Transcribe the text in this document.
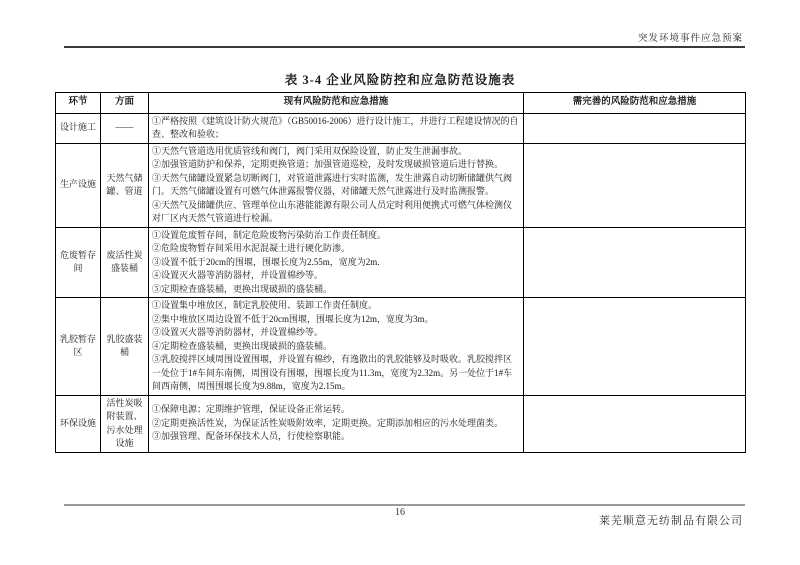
突发环境事件应急预案
表 3-4 企业风险防控和应急防范设施表
环节	方面	现有风险防范和应急措施	需完善的风险防范和应急措施
设计施工	——	①严格按照《建筑设计防火规范》（GB50016-2006）进行设计施工，并进行工程建设情况的自查、整改和验收；	

生产设施	天然气储罐、管道	①天然气管道选用优质管线和阀门，阀门采用双保险设置，防止发生泄漏事故。
②加强管道防护和保养，定期更换管道；加强管道巡检，及时发现破损管道后进行替换。
③天然气储罐设置紧急切断阀门，对管道泄露进行实时监测，发生泄露自动切断储罐供气阀门。天然气储罐设置有可燃气体泄露报警仪器，对储罐天然气泄露进行及时监测报警。
④天然气及储罐供应、管理单位山东港能能源有限公司人员定时利用便携式可燃气体检测仪对厂区内天然气管道进行检漏。	

危废暂存间	废活性炭盛装桶	①设置危废暂存间，制定危险废物污染防治工作责任制度。
②危险废物暂存间采用水泥混凝土进行硬化防渗。
③设置不低于20cm的围堰，围堰长度为2.55m，宽度为2m.
④设置灭火器等消防器材，并设置棉纱等。
⑤定期检查盛装桶，更换出现破损的盛装桶。	

乳胶暂存区	乳胶盛装桶	①设置集中堆放区，制定乳胶使用、装卸工作责任制度。
②集中堆放区周边设置不低于20cm围堰，围堰长度为12m，宽度为3m。
③设置灭火器等消防器材，并设置棉纱等。
④定期检查盛装桶，更换出现破损的盛装桶。
⑤乳胶搅拌区域周围设置围堰，并设置有棉纱，有逸散出的乳胶能够及时吸收。乳胶搅拌区一处位于1#车间东南侧，周围设有围堰，围堰长度为11.3m，宽度为2.32m。另一处位于1#车间西南侧，周围围堰长度为9.88m，宽度为2.15m。	

环保设施	活性炭吸附装置、污水处理设施	①保障电源；定期维护管理，保证设备正常运转。
②定期更换活性炭，为保证活性炭吸附效率，定期更换。定期添加相应的污水处理菌类。
③加强管理、配备环保技术人员，行使检察职能。	

16
莱芜顺意无纺制品有限公司
